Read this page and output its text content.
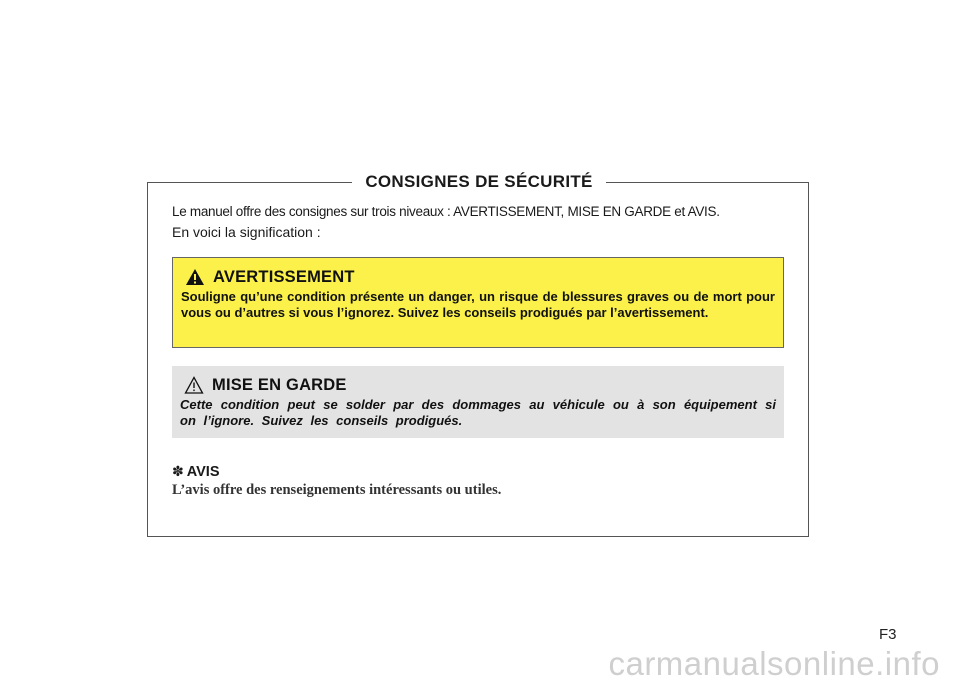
CONSIGNES DE SÉCURITÉ
Le manuel offre des consignes sur trois niveaux : AVERTISSEMENT, MISE EN GARDE et AVIS.
En voici la signification :
AVERTISSEMENT
Souligne qu’une condition présente un danger, un risque de blessures graves ou de mort pour vous ou d’autres si vous l’ignorez. Suivez les conseils prodigués par l’avertissement.
MISE EN GARDE
Cette condition peut se solder par des dommages au véhicule ou à son équipement si on l’ignore. Suivez les conseils prodigués.
✽ AVIS
L’avis offre des renseignements intéressants ou utiles.
F3
carmanualsonline.info
